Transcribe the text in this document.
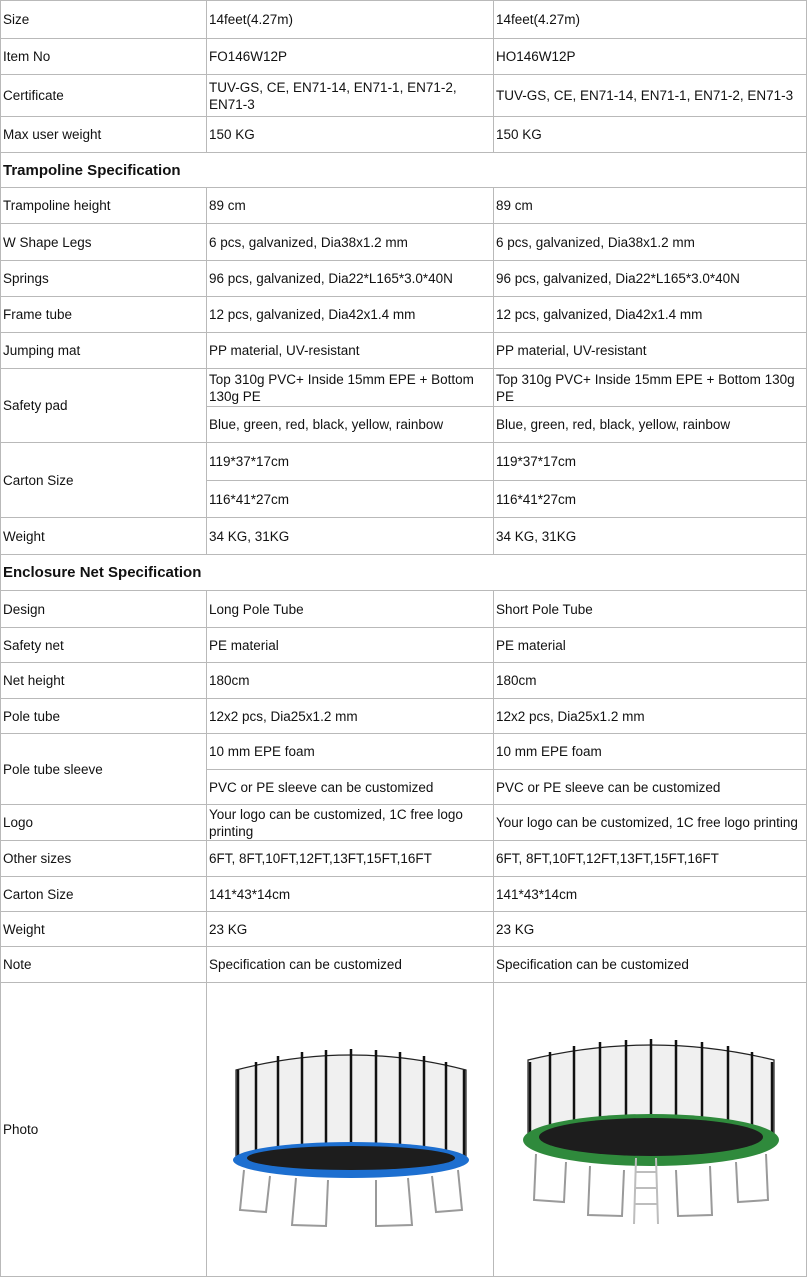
Size	14feet(4.27m)	14feet(4.27m)
Item No	FO146W12P	HO146W12P
Certificate	TUV-GS, CE, EN71-14, EN71-1, EN71-2, EN71-3	TUV-GS, CE, EN71-14, EN71-1, EN71-2, EN71-3
Max user weight	150 KG	150 KG
Trampoline Specification		
Trampoline height	89 cm	89 cm
W Shape Legs	6 pcs, galvanized, Dia38x1.2 mm	6 pcs, galvanized, Dia38x1.2 mm
Springs	96 pcs, galvanized, Dia22*L165*3.0*40N	96 pcs, galvanized, Dia22*L165*3.0*40N
Frame tube	12 pcs, galvanized, Dia42x1.4 mm	12 pcs, galvanized, Dia42x1.4 mm
Jumping mat	PP material, UV-resistant	PP material, UV-resistant
Safety pad	Top 310g PVC+ Inside 15mm EPE + Bottom 130g PE	Top 310g PVC+ Inside 15mm EPE + Bottom 130g PE
	Blue, green, red, black, yellow, rainbow	Blue, green, red, black, yellow, rainbow
Carton Size	119*37*17cm	119*37*17cm
	116*41*27cm	116*41*27cm
Weight	34 KG, 31KG	34 KG, 31KG
Enclosure Net Specification		
Design	Long Pole Tube	Short Pole Tube
Safety net	PE material	PE material
Net height	180cm	180cm
Pole tube	12x2 pcs, Dia25x1.2 mm	12x2 pcs, Dia25x1.2 mm
Pole tube sleeve	10 mm EPE foam	10 mm EPE foam
	PVC or PE sleeve can be customized	PVC or PE sleeve can be customized
Logo	Your logo can be customized, 1C free logo printing	Your logo can be customized, 1C free logo printing
Other sizes	6FT, 8FT,10FT,12FT,13FT,15FT,16FT	6FT, 8FT,10FT,12FT,13FT,15FT,16FT
Carton Size	141*43*14cm	141*43*14cm
Weight	23 KG	23 KG
Note	Specification can be customized	Specification can be customized
Photo	
